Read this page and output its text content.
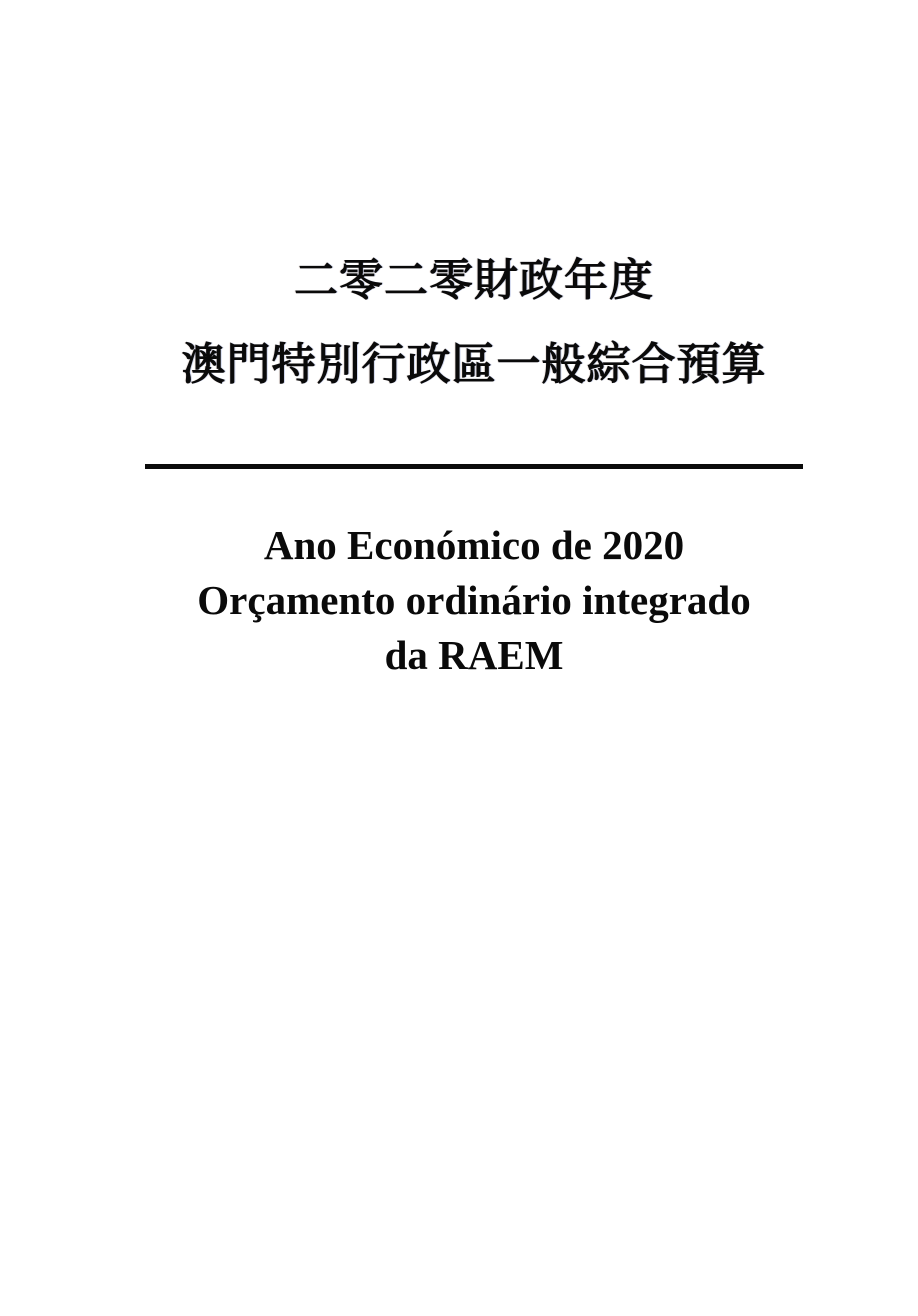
二零二零財政年度
澳門特別行政區一般綜合預算
Ano Económico de 2020
Orçamento ordinário integrado
da RAEM
